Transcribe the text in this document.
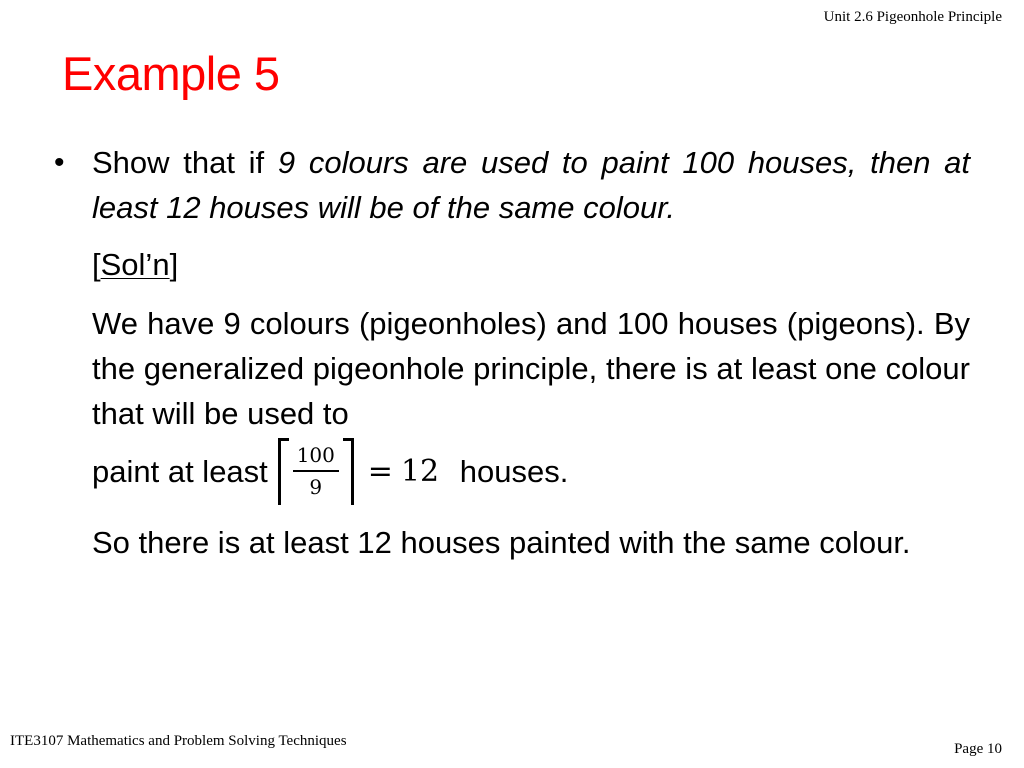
Unit 2.6 Pigeonhole Principle
Example 5
• Show that if 9 colours are used to paint 100 houses, then at least 12 houses will be of the same colour.
[Sol’n]
We have 9 colours (pigeonholes) and 100 houses (pigeons). By the generalized pigeonhole principle, there is at least one colour that will be used to
paint at least $\frac{100}{9} = 12$ houses.
So there is at least 12 houses painted with the same colour.
ITE3107 Mathematics and Problem Solving Techniques	Page 10
